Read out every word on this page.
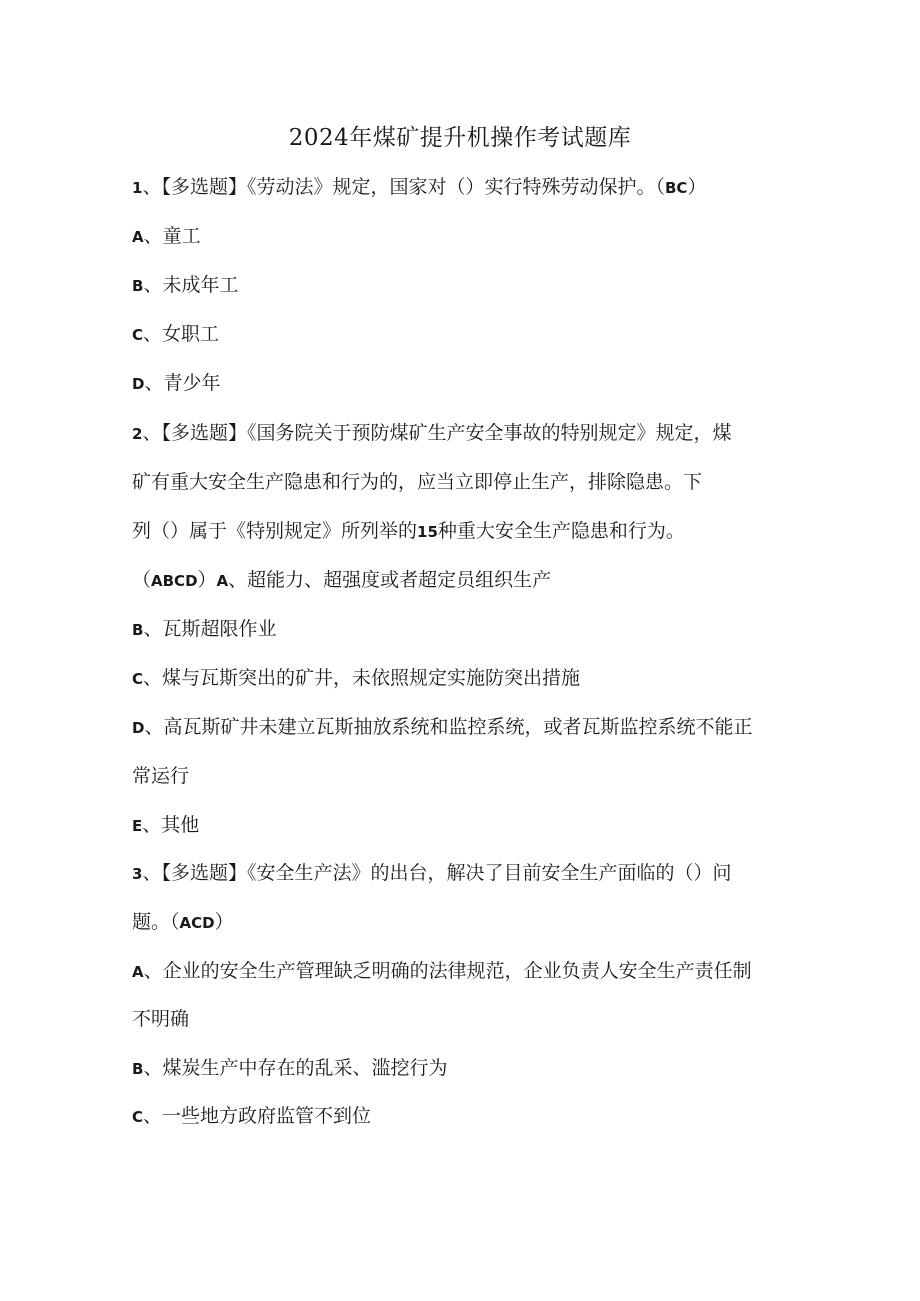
2024年煤矿提升机操作考试题库
1、【多选题】《劳动法》规定，国家对（）实行特殊劳动保护。（BC）
A、童工
B、未成年工
C、女职工
D、青少年
2、【多选题】《国务院关于预防煤矿生产安全事故的特别规定》规定，煤
矿有重大安全生产隐患和行为的，应当立即停止生产，排除隐患。下
列（）属于《特别规定》所列举的15种重大安全生产隐患和行为。
（ABCD）A、超能力、超强度或者超定员组织生产
B、瓦斯超限作业
C、煤与瓦斯突出的矿井，未依照规定实施防突出措施
D、高瓦斯矿井未建立瓦斯抽放系统和监控系统，或者瓦斯监控系统不能正
常运行
E、其他
3、【多选题】《安全生产法》的出台，解决了目前安全生产面临的（）问
题。（ACD）
A、企业的安全生产管理缺乏明确的法律规范，企业负责人安全生产责任制
不明确
B、煤炭生产中存在的乱采、滥挖行为
C、一些地方政府监管不到位
